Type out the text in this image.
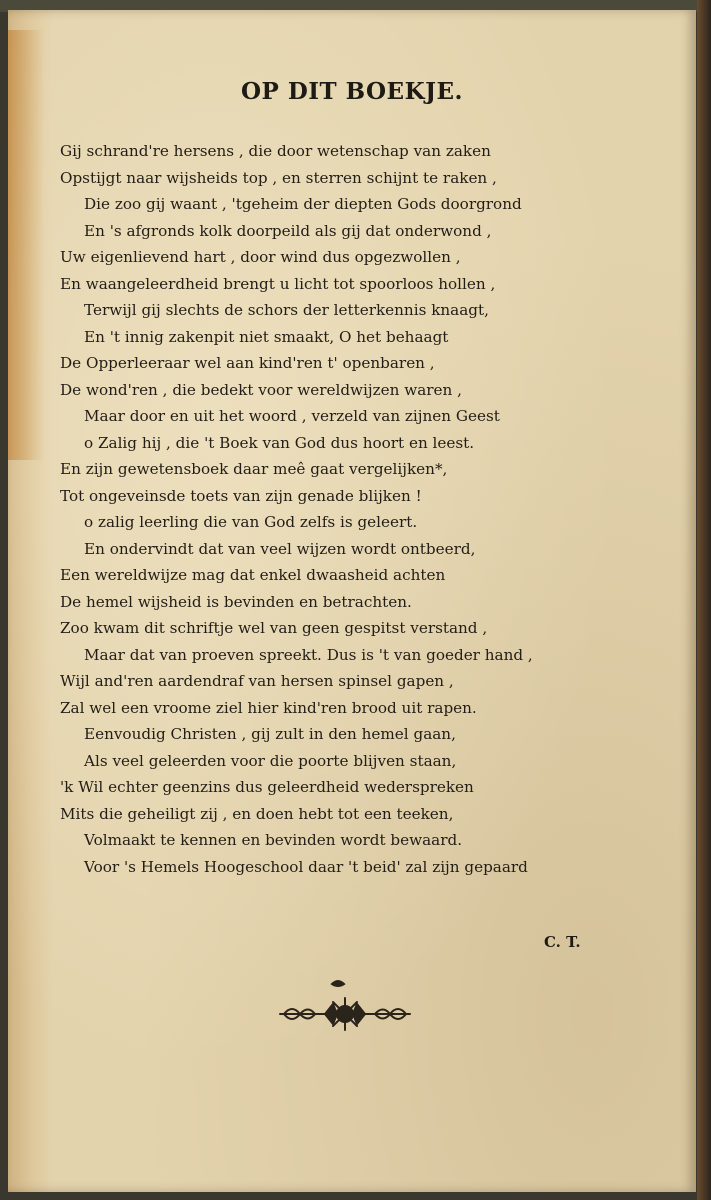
OP DIT BOEKJE.
Gij schrand're hersens , die door wetenschap van zaken
Opstijgt naar wijsheids top , en sterren schijnt te raken ,
Die zoo gij waant , 'tgeheim der diepten Gods doorgrond
En 's afgronds kolk doorpeild als gij dat onderwond ,
Uw eigenlievend hart , door wind dus opgezwollen ,
En waangeleerdheid brengt u licht tot spoorloos hollen ,
Terwijl gij slechts de schors der letterkennis knaagt,
En 't innig zakenpit niet smaakt, O het behaagt
De Opperleeraar wel aan kind'ren t' openbaren ,
De wond'ren , die bedekt voor wereldwijzen waren ,
Maar door en uit het woord , verzeld van zijnen Geest
o Zalig hij , die 't Boek van God dus hoort en leest.
En zijn gewetensboek daar meê gaat vergelijken*,
Tot ongeveinsde toets van zijn genade blijken !
o zalig leerling die van God zelfs is geleert.
En ondervindt dat van veel wijzen wordt ontbeerd,
Een wereldwijze mag dat enkel dwaasheid achten
De hemel wijsheid is bevinden en betrachten.
Zoo kwam dit schriftje wel van geen gespitst verstand ,
Maar dat van proeven spreekt. Dus is 't van goeder hand ,
Wijl and'ren aardendraf van hersen spinsel gapen ,
Zal wel een vroome ziel hier kind'ren brood uit rapen.
Eenvoudig Christen , gij zult in den hemel gaan,
Als veel geleerden voor die poorte blijven staan,
'k Wil echter geenzins dus geleerdheid wederspreken
Mits die geheiligt zij , en doen hebt tot een teeken,
Volmaakt te kennen en bevinden wordt bewaard.
Voor 's Hemels Hoogeschool daar 't beid' zal zijn gepaard
C. T.
